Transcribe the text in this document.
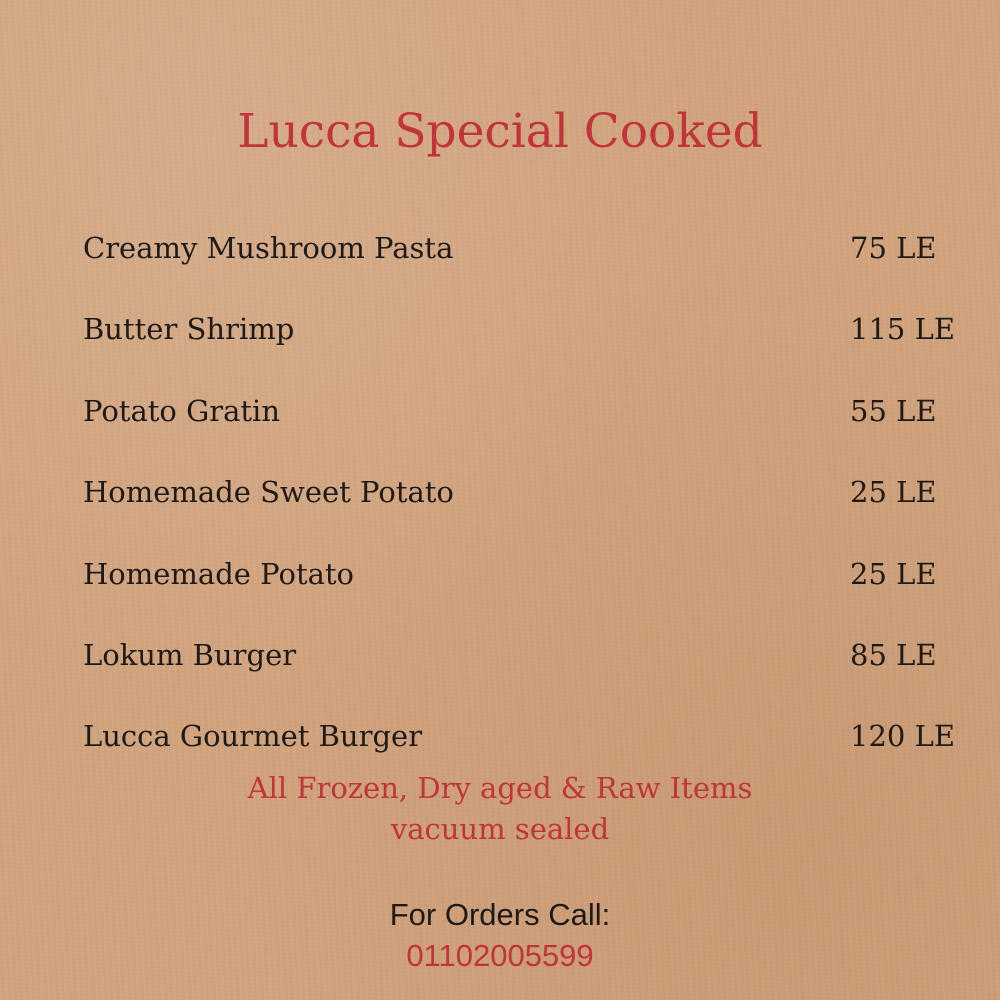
Lucca Special Cooked
Creamy Mushroom Pasta	75 LE
Butter Shrimp	115 LE
Potato Gratin	55 LE
Homemade Sweet Potato	25 LE
Homemade Potato	25 LE
Lokum Burger	85 LE
Lucca Gourmet Burger	120 LE
All Frozen, Dry aged & Raw Items
vacuum sealed
For Orders Call:
01102005599
